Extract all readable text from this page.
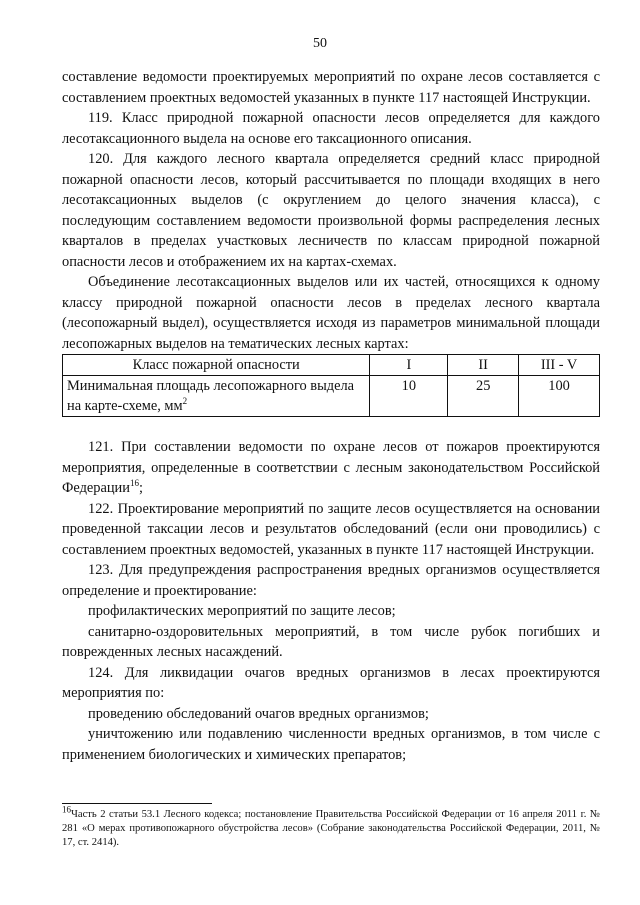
50

составление ведомости проектируемых мероприятий по охране лесов составляется с составлением проектных ведомостей указанных в пункте 117 настоящей Инструкции.

119. Класс природной пожарной опасности лесов определяется для каждого лесотаксационного выдела на основе его таксационного описания.

120. Для каждого лесного квартала определяется средний класс природной пожарной опасности лесов, который рассчитывается по площади входящих в него лесотаксационных выделов (с округлением до целого значения класса), с последующим составлением ведомости произвольной формы распределения лесных кварталов в пределах участковых лесничеств по классам природной пожарной опасности лесов и отображением их на картах-схемах.

Объединение лесотаксационных выделов или их частей, относящихся к одному классу природной пожарной опасности лесов в пределах лесного квартала (лесопожарный выдел), осуществляется исходя из параметров минимальной площади лесопожарных выделов на тематических лесных картах:

Класс пожарной опасности	I	II	III - V
Минимальная площадь лесопожарного выдела на карте-схеме, $мм^2$	10	25	100

121. При составлении ведомости по охране лесов от пожаров проектируются мероприятия, определенные в соответствии с лесным законодательством Российской Федерации$^{16}$;

122. Проектирование мероприятий по защите лесов осуществляется на основании проведенной таксации лесов и результатов обследований (если они проводились) с составлением проектных ведомостей, указанных в пункте 117 настоящей Инструкции.

123. Для предупреждения распространения вредных организмов осуществляется определение и проектирование:

профилактических мероприятий по защите лесов;

санитарно-оздоровительных мероприятий, в том числе рубок погибших и поврежденных лесных насаждений.

124. Для ликвидации очагов вредных организмов в лесах проектируются мероприятия по:

проведению обследований очагов вредных организмов;

уничтожению или подавлению численности вредных организмов, в том числе с применением биологических и химических препаратов;

$^{16}$Часть 2 статьи 53.1 Лесного кодекса; постановление Правительства Российской Федерации от 16 апреля 2011 г. № 281 «О мерах противопожарного обустройства лесов» (Собрание законодательства Российской Федерации, 2011, № 17, ст. 2414).
